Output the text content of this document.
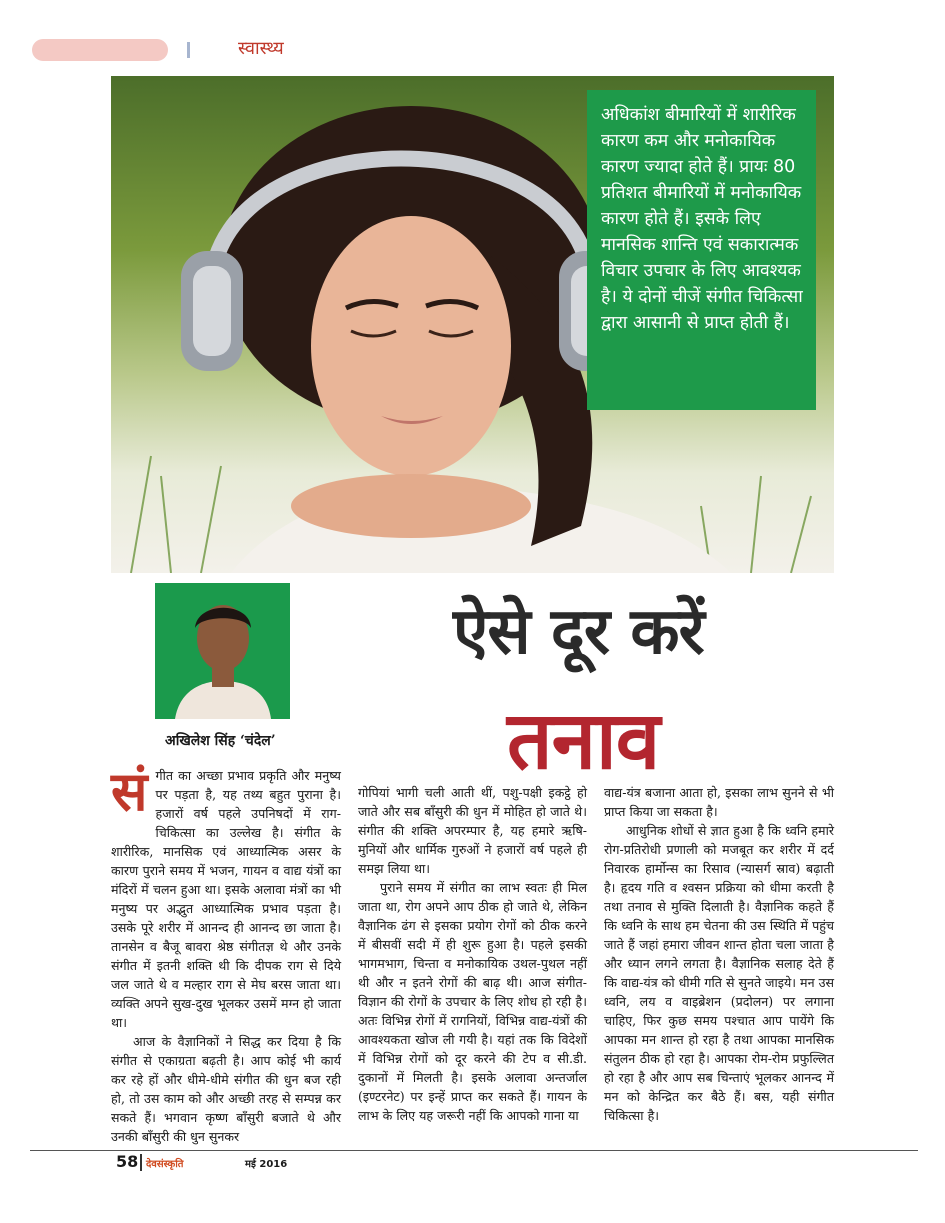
स्वास्थ्य
अधिकांश बीमारियों में शारीरिक कारण कम और मनोकायिक कारण ज्यादा होते हैं। प्रायः 80 प्रतिशत बीमारियों में मनोकायिक कारण होते हैं। इसके लिए मानसिक शान्ति एवं सकारात्मक विचार उपचार के लिए आवश्यक है। ये दोनों चीजें संगीत चिकित्सा द्वारा आसानी से प्राप्त होती हैं।
अखिलेश सिंह ‘चंदेल’
ऐसे दूर करें
तनाव

सं गीत का अच्छा प्रभाव प्रकृति और मनुष्य पर पड़ता है, यह तथ्य बहुत पुराना है। हजारों वर्ष पहले उपनिषदों में राग-चिकित्सा का उल्लेख है। संगीत के शारीरिक, मानसिक एवं आध्यात्मिक असर के कारण पुराने समय में भजन, गायन व वाद्य यंत्रों का मंदिरों में चलन हुआ था। इसके अलावा मंत्रों का भी मनुष्य पर अद्भुत आध्यात्मिक प्रभाव पड़ता है। उसके पूरे शरीर में आनन्द ही आनन्द छा जाता है। तानसेन व बैजू बावरा श्रेष्ठ संगीतज्ञ थे और उनके संगीत में इतनी शक्ति थी कि दीपक राग से दिये जल जाते थे व मल्हार राग से मेघ बरस जाता था। व्यक्ति अपने सुख-दुख भूलकर उसमें मग्न हो जाता था।

आज के वैज्ञानिकों ने सिद्ध कर दिया है कि संगीत से एकाग्रता बढ़ती है। आप कोई भी कार्य कर रहे हों और धीमे-धीमे संगीत की धुन बज रही हो, तो उस काम को और अच्छी तरह से सम्पन्न कर सकते हैं। भगवान कृष्ण बाँसुरी बजाते थे और उनकी बाँसुरी की धुन सुनकर

गोपियां भागी चली आती थीं, पशु-पक्षी इकट्ठे हो जाते और सब बाँसुरी की धुन में मोहित हो जाते थे। संगीत की शक्ति अपरम्पार है, यह हमारे ऋषि-मुनियों और धार्मिक गुरुओं ने हजारों वर्ष पहले ही समझ लिया था।

पुराने समय में संगीत का लाभ स्वतः ही मिल जाता था, रोग अपने आप ठीक हो जाते थे, लेकिन वैज्ञानिक ढंग से इसका प्रयोग रोगों को ठीक करने में बीसवीं सदी में ही शुरू हुआ है। पहले इसकी भागमभाग, चिन्ता व मनोकायिक उथल-पुथल नहीं थी और न इतने रोगों की बाढ़ थी। आज संगीत-विज्ञान की रोगों के उपचार के लिए शोध हो रही है। अतः विभिन्न रोगों में रागनियों, विभिन्न वाद्य-यंत्रों की आवश्यकता खोज ली गयी है। यहां तक कि विदेशों में विभिन्न रोगों को दूर करने की टेप व सी.डी. दुकानों में मिलती है। इसके अलावा अन्तर्जाल (इण्टरनेट) पर इन्हें प्राप्त कर सकते हैं। गायन के लाभ के लिए यह जरूरी नहीं कि आपको गाना या

वाद्य-यंत्र बजाना आता हो, इसका लाभ सुनने से भी प्राप्त किया जा सकता है।

आधुनिक शोधों से ज्ञात हुआ है कि ध्वनि हमारे रोग-प्रतिरोधी प्रणाली को मजबूत कर शरीर में दर्द निवारक हार्मोन्स का रिसाव (न्यासर्ग स्राव) बढ़ाती है। हृदय गति व श्वसन प्रक्रिया को धीमा करती है तथा तनाव से मुक्ति दिलाती है। वैज्ञानिक कहते हैं कि ध्वनि के साथ हम चेतना की उस स्थिति में पहुंच जाते हैं जहां हमारा जीवन शान्त होता चला जाता है और ध्यान लगने लगता है। वैज्ञानिक सलाह देते हैं कि वाद्य-यंत्र को धीमी गति से सुनते जाइये। मन उस ध्वनि, लय व वाइब्रेशन (प्रदोलन) पर लगाना चाहिए, फिर कुछ समय पश्चात आप पायेंगे कि आपका मन शान्त हो रहा है तथा आपका मानसिक संतुलन ठीक हो रहा है। आपका रोम-रोम प्रफुल्लित हो रहा है और आप सब चिन्ताएं भूलकर आनन्द में मन को केन्द्रित कर बैठे हैं। बस, यही संगीत चिकित्सा है।

58 देवसंस्कृति	मई 2016
